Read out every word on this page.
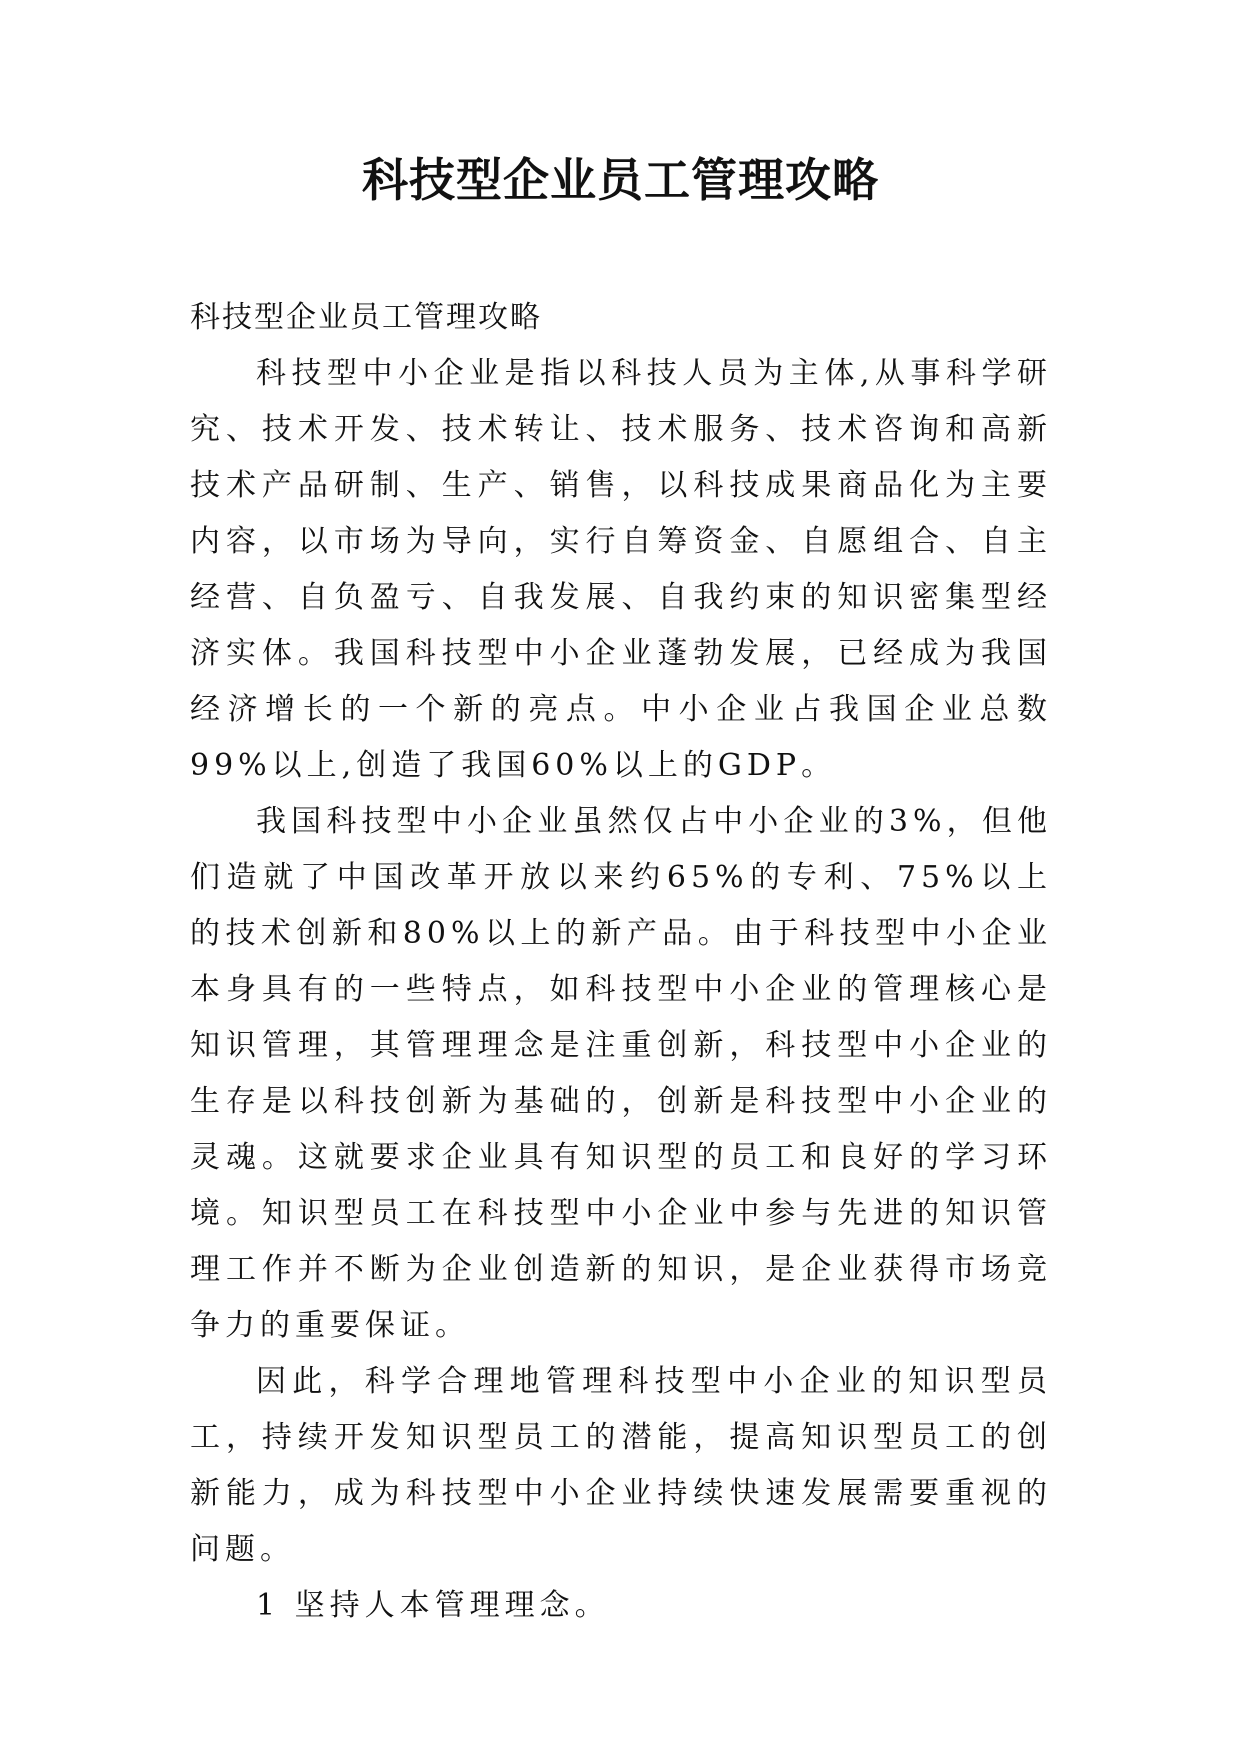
科技型企业员工管理攻略

科技型企业员工管理攻略

科技型中小企业是指以科技人员为主体,从事科学研究、技术开发、技术转让、技术服务、技术咨询和高新技术产品研制、生产、销售，以科技成果商品化为主要内容，以市场为导向，实行自筹资金、自愿组合、自主经营、自负盈亏、自我发展、自我约束的知识密集型经济实体。我国科技型中小企业蓬勃发展，已经成为我国经济增长的一个新的亮点。中小企业占我国企业总数99%以上,创造了我国60%以上的GDP。

我国科技型中小企业虽然仅占中小企业的3%，但他们造就了中国改革开放以来约65%的专利、75%以上的技术创新和80%以上的新产品。由于科技型中小企业本身具有的一些特点，如科技型中小企业的管理核心是知识管理，其管理理念是注重创新，科技型中小企业的生存是以科技创新为基础的，创新是科技型中小企业的灵魂。这就要求企业具有知识型的员工和良好的学习环境。知识型员工在科技型中小企业中参与先进的知识管理工作并不断为企业创造新的知识，是企业获得市场竞争力的重要保证。

因此，科学合理地管理科技型中小企业的知识型员工，持续开发知识型员工的潜能，提高知识型员工的创新能力，成为科技型中小企业持续快速发展需要重视的问题。

1 坚持人本管理理念。
